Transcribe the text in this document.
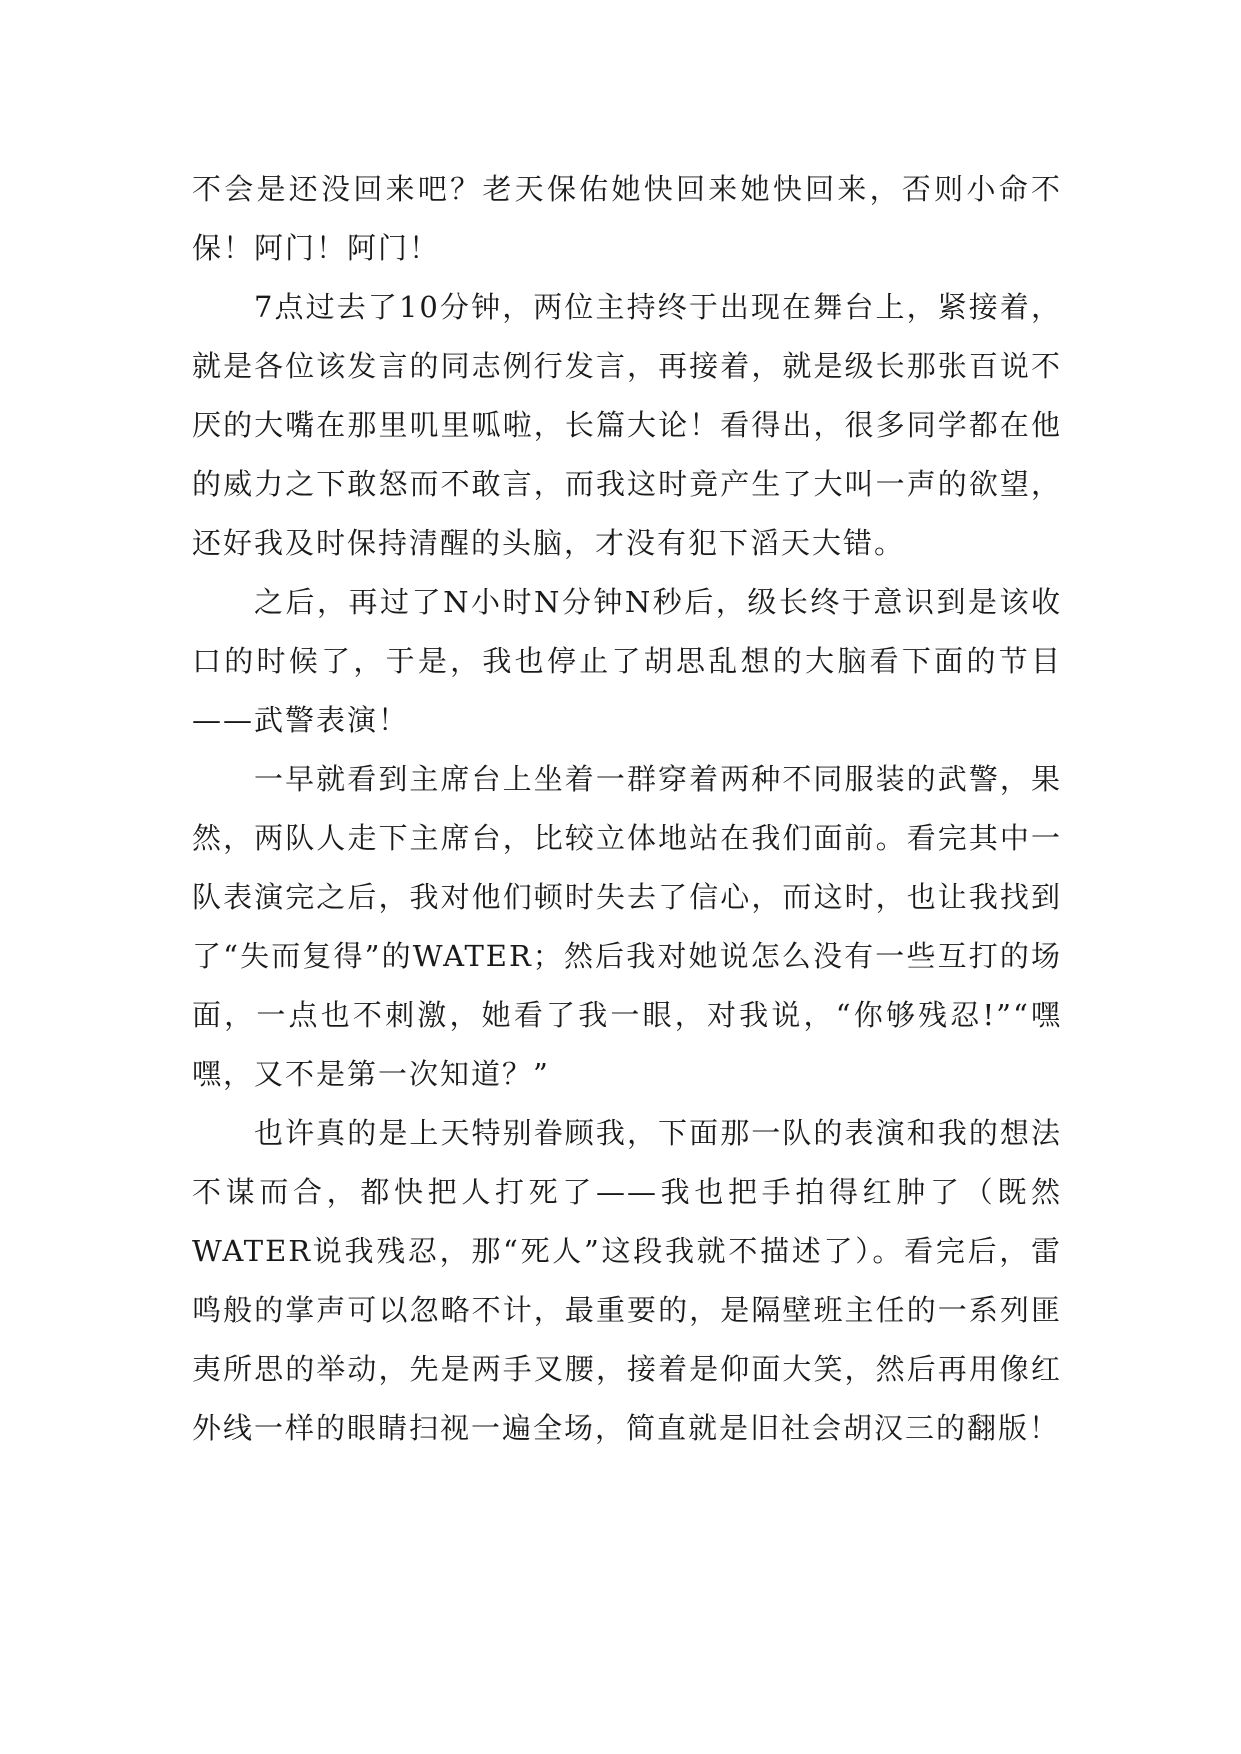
不会是还没回来吧？老天保佑她快回来她快回来，否则小命不保！阿门！阿门！

7点过去了10分钟，两位主持终于出现在舞台上，紧接着，就是各位该发言的同志例行发言，再接着，就是级长那张百说不厌的大嘴在那里叽里呱啦，长篇大论！看得出，很多同学都在他的威力之下敢怒而不敢言，而我这时竟产生了大叫一声的欲望，还好我及时保持清醒的头脑，才没有犯下滔天大错。

之后，再过了N小时N分钟N秒后，级长终于意识到是该收口的时候了，于是，我也停止了胡思乱想的大脑看下面的节目——武警表演！

一早就看到主席台上坐着一群穿着两种不同服装的武警，果然，两队人走下主席台，比较立体地站在我们面前。看完其中一队表演完之后，我对他们顿时失去了信心，而这时，也让我找到了“失而复得”的WATER；然后我对她说怎么没有一些互打的场面，一点也不刺激，她看了我一眼，对我说，“你够残忍!”“嘿嘿，又不是第一次知道？”

也许真的是上天特别眷顾我，下面那一队的表演和我的想法不谋而合，都快把人打死了——我也把手拍得红肿了（既然WATER说我残忍，那“死人”这段我就不描述了）。看完后，雷鸣般的掌声可以忽略不计，最重要的，是隔壁班主任的一系列匪夷所思的举动，先是两手叉腰，接着是仰面大笑，然后再用像红外线一样的眼睛扫视一遍全场，简直就是旧社会胡汉三的翻版！
